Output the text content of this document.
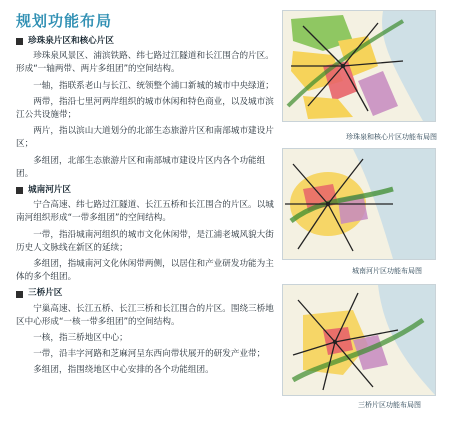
规划功能布局
珍珠泉片区和核心片区

珍珠泉风景区、浦滨铁路、纬七路过江隧道和长江围合的片区。形成“一轴两带、两片多组团”的空间结构。

一轴，指联系老山与长江、统领整个浦口新城的城市中央绿道；

两带，指沿七里河两岸组织的城市休闲和特色商业，以及城市滨江公共设施带；

两片，指以滨山大道划分的北部生态旅游片区和南部城市建设片区；

多组团，北部生态旅游片区和南部城市建设片区内各个功能组团。

城南河片区

宁合高速、纬七路过江隧道、长江五桥和长江围合的片区。以城南河组织形成“一带多组团”的空间结构。

一带，指沿城南河组织的城市文化休闲带，是江浦老城风貌大街历史人文脉线在新区的延续；

多组团，指城南河文化休闲带两侧，以居住和产业研发功能为主体的多个组团。

三桥片区

宁巢高速、长江五桥、长江三桥和长江围合的片区。围绕三桥地区中心形成“一核一带多组团”的空间结构。

一核，指三桥地区中心；

一带，沿丰字河路和芝麻河呈东西向带状展开的研发产业带；

多组团，指围绕地区中心安排的各个功能组团。

珍珠泉和核心片区功能布局图
城南河片区功能布局图
三桥片区功能布局图
